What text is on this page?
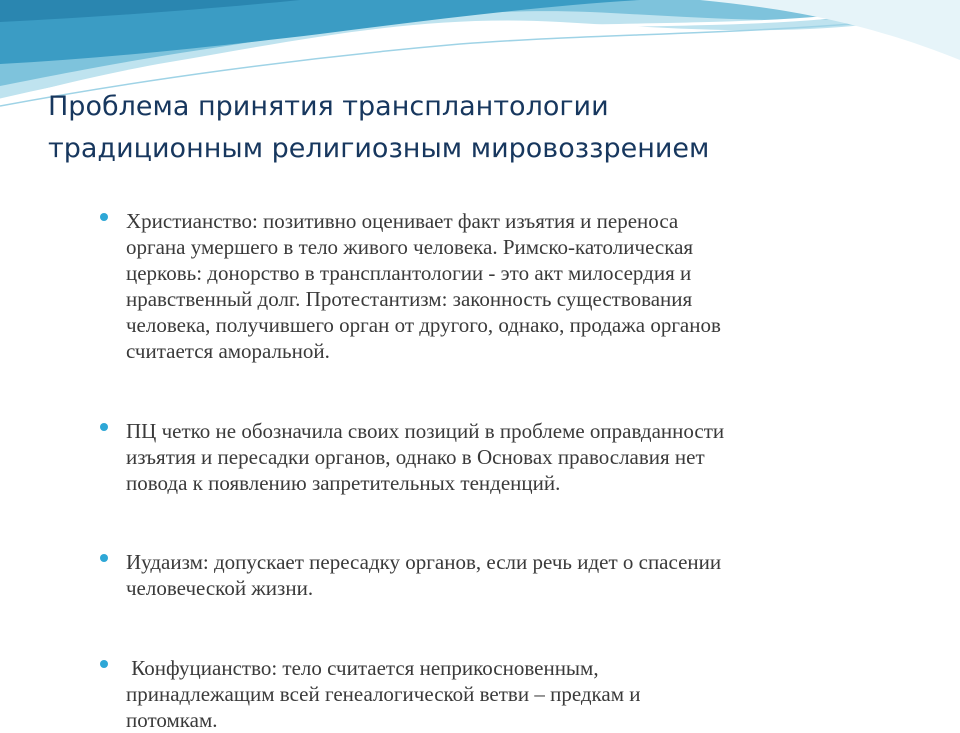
Проблема принятия трансплантологии
традиционным религиозным мировоззрением
Христианство: позитивно оценивает факт изъятия и переноса
органа умершего в тело живого человека. Римско-католическая
церковь: донорство в трансплантологии - это акт милосердия и
нравственный долг. Протестантизм: законность существования
человека, получившего орган от другого, однако, продажа органов
считается аморальной.
ПЦ четко не обозначила своих позиций в проблеме оправданности
изъятия и пересадки органов, однако в Основах православия нет
повода к появлению запретительных тенденций.
Иудаизм: допускает пересадку органов, если речь идет о спасении
человеческой жизни.
Конфуцианство: тело считается неприкосновенным,
принадлежащим всей генеалогической ветви – предкам и
потомкам.
